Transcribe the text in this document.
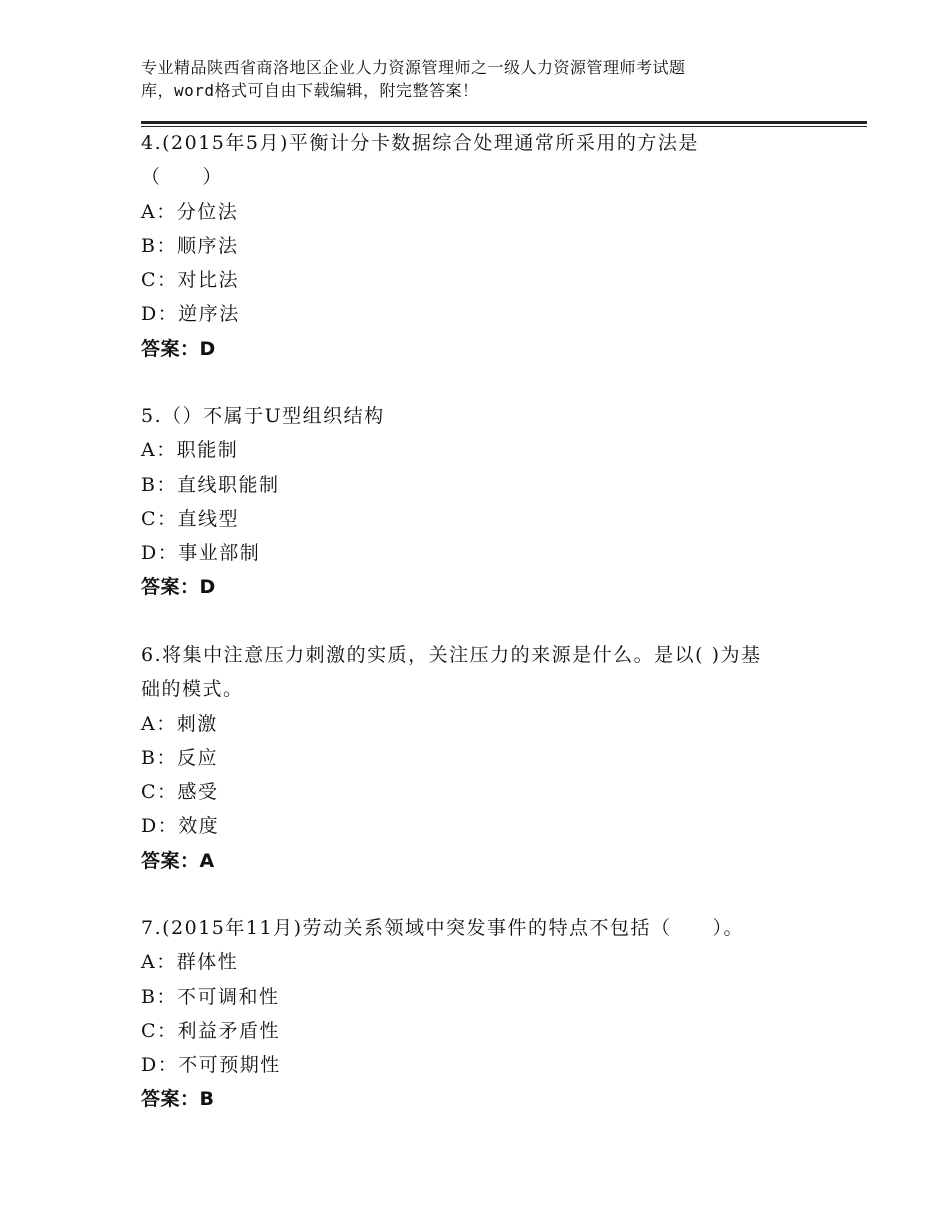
专业精品陕西省商洛地区企业人力资源管理师之一级人力资源管理师考试题
库，word格式可自由下载编辑，附完整答案！
4.(2015年5月)平衡计分卡数据综合处理通常所采用的方法是
（　　）
A：分位法
B：顺序法
C：对比法
D：逆序法
答案：D
5.（）不属于U型组织结构
A：职能制
B：直线职能制
C：直线型
D：事业部制
答案：D
6.将集中注意压力刺激的实质，关注压力的来源是什么。是以( )为基
础的模式。
A：刺激
B：反应
C：感受
D：效度
答案：A
7.(2015年11月)劳动关系领域中突发事件的特点不包括（　　）。
A：群体性
B：不可调和性
C：利益矛盾性
D：不可预期性
答案：B
